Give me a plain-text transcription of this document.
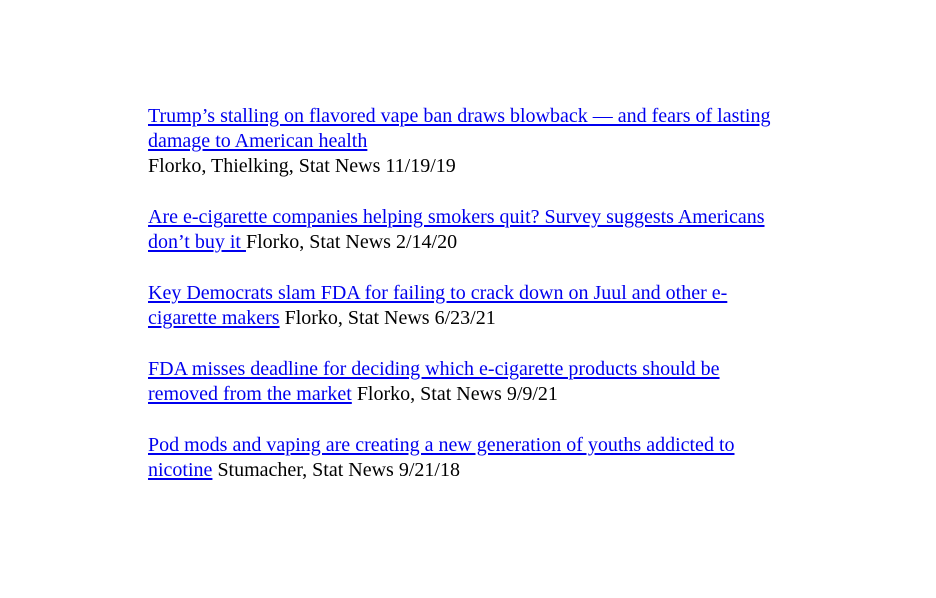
Trump’s stalling on flavored vape ban draws blowback — and fears of lasting damage to American health
Florko, Thielking, Stat News 11/19/19
Are e-cigarette companies helping smokers quit? Survey suggests Americans don’t buy it Florko, Stat News 2/14/20
Key Democrats slam FDA for failing to crack down on Juul and other e-cigarette makers Florko, Stat News 6/23/21
FDA misses deadline for deciding which e-cigarette products should be removed from the market Florko, Stat News 9/9/21
Pod mods and vaping are creating a new generation of youths addicted to nicotine Stumacher, Stat News 9/21/18
